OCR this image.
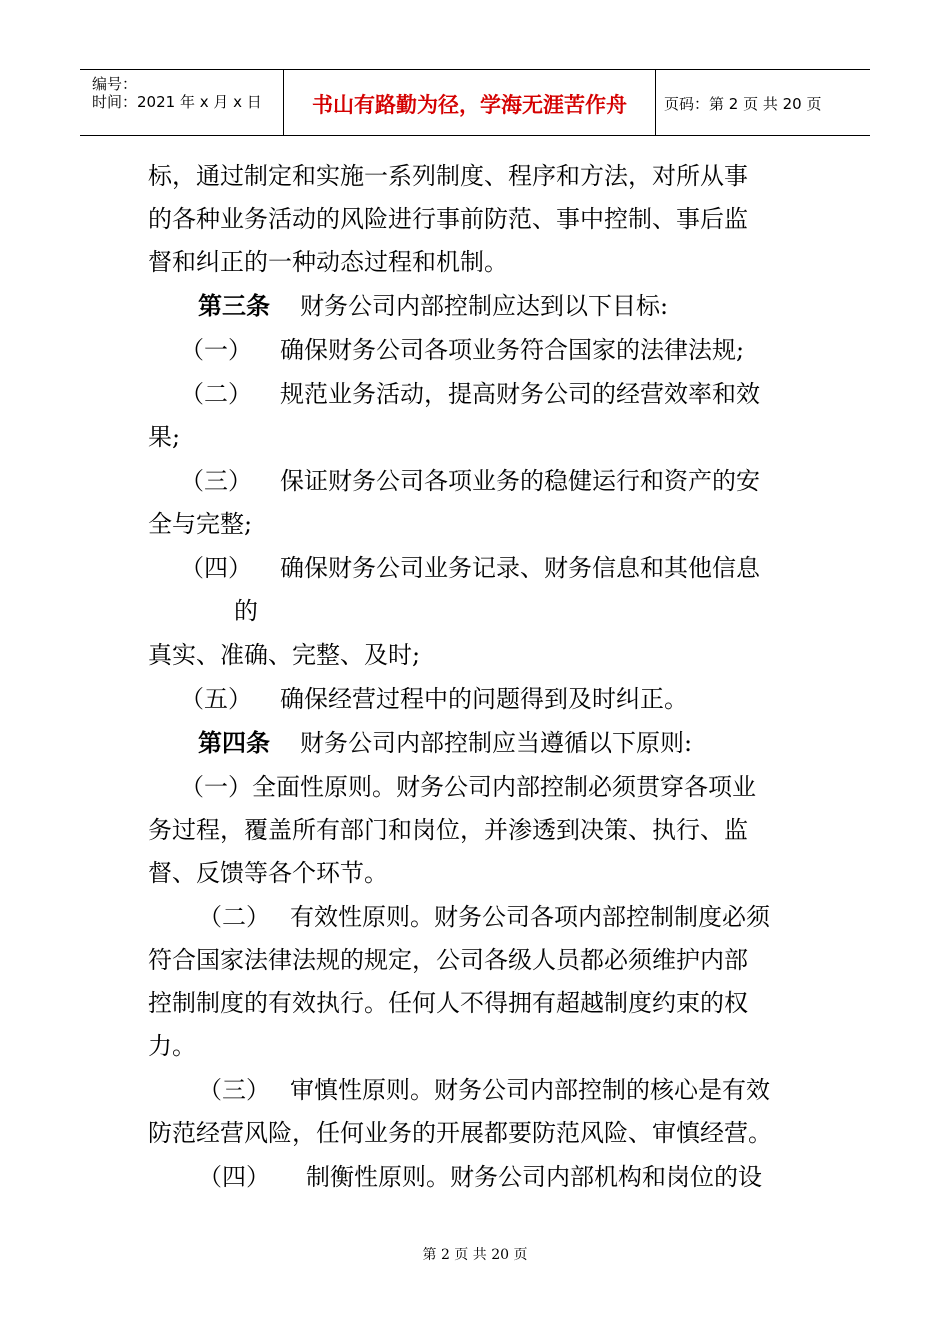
编号：
时间：2021 年 x 月 x 日	书山有路勤为径，学海无涯苦作舟	页码：第 2 页 共 20 页
标，通过制定和实施一系列制度、程序和方法，对所从事
的各种业务活动的风险进行事前防范、事中控制、事后监
督和纠正的一种动态过程和机制。
第三条 财务公司内部控制应达到以下目标:
（一） 确保财务公司各项业务符合国家的法律法规;
（二） 规范业务活动，提高财务公司的经营效率和效
果;
（三） 保证财务公司各项业务的稳健运行和资产的安
全与完整;
（四） 确保财务公司业务记录、财务信息和其他信息
的
真实、准确、完整、及时;
（五） 确保经营过程中的问题得到及时纠正。
第四条 财务公司内部控制应当遵循以下原则:
（一）全面性原则。财务公司内部控制必须贯穿各项业
务过程，覆盖所有部门和岗位，并渗透到决策、执行、监
督、反馈等各个环节。
（二） 有效性原则。财务公司各项内部控制制度必须
符合国家法律法规的规定，公司各级人员都必须维护内部
控制制度的有效执行。任何人不得拥有超越制度约束的权
力。
（三） 审慎性原则。财务公司内部控制的核心是有效
防范经营风险，任何业务的开展都要防范风险、审慎经营。
（四） 制衡性原则。财务公司内部机构和岗位的设
第 2 页 共 20 页
